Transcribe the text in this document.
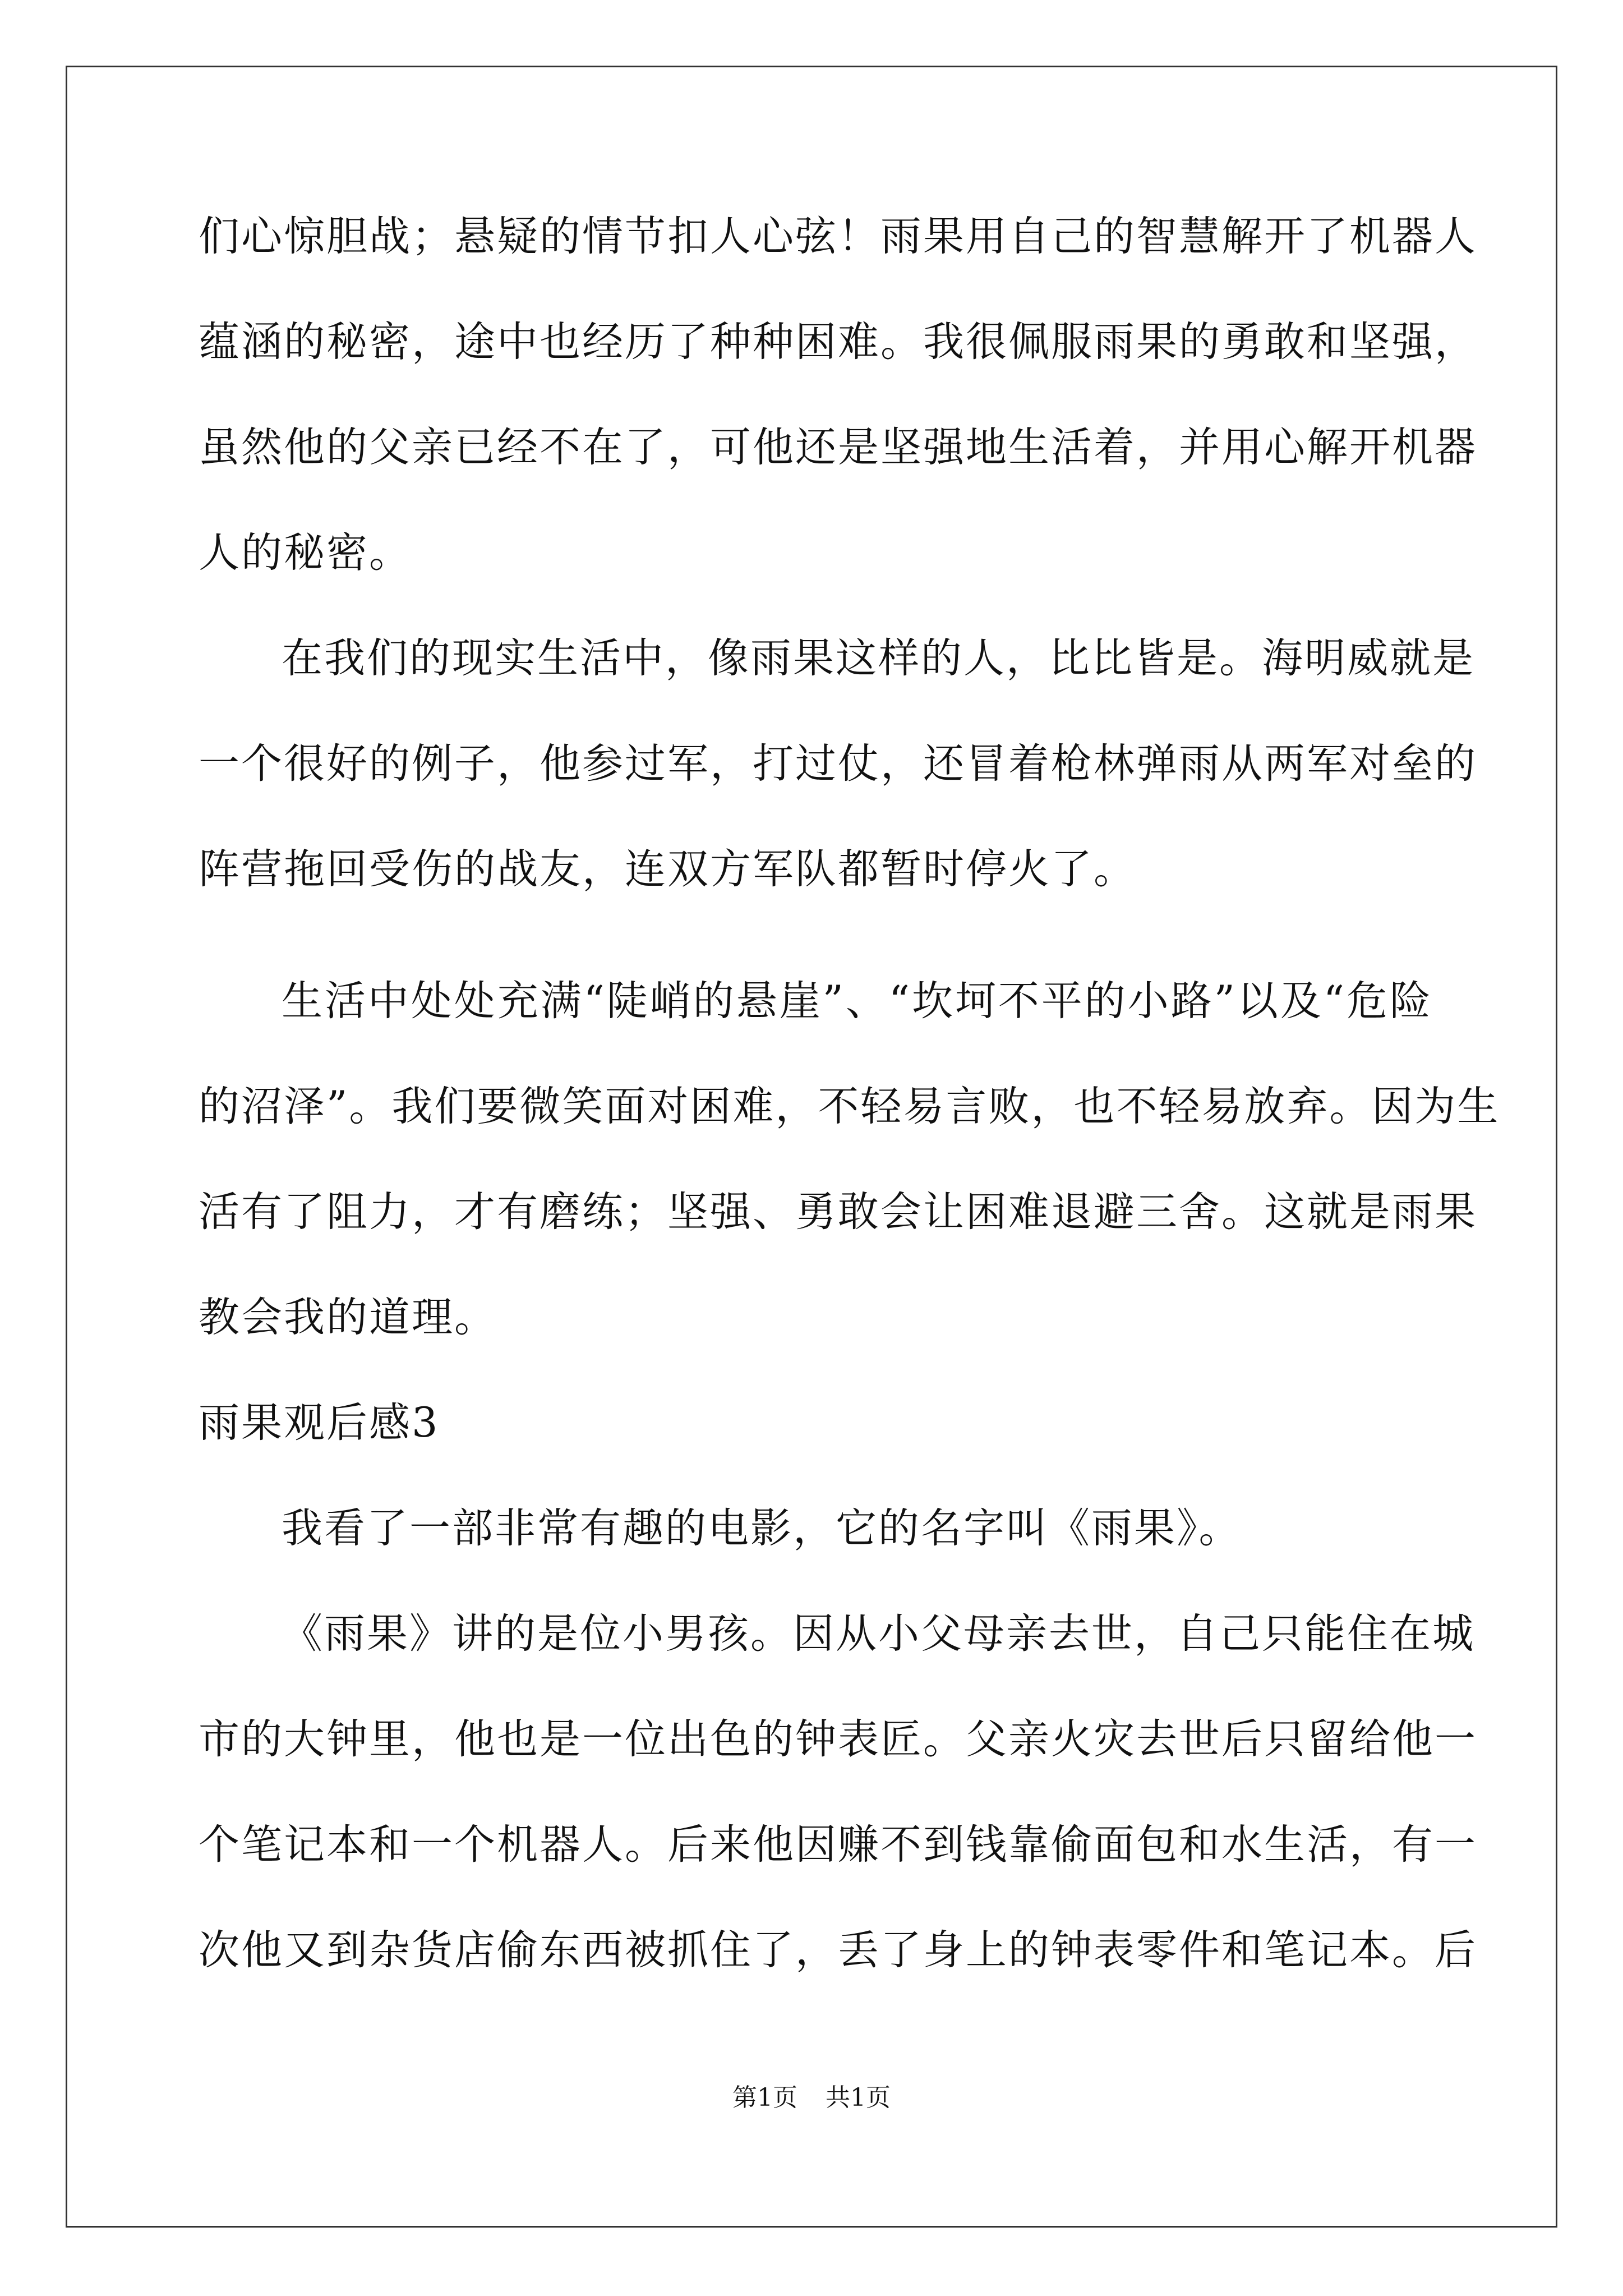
们心惊胆战；悬疑的情节扣人心弦！雨果用自己的智慧解开了机器人
蕴涵的秘密，途中也经历了种种困难。我很佩服雨果的勇敢和坚强，
虽然他的父亲已经不在了，可他还是坚强地生活着，并用心解开机器
人的秘密。
在我们的现实生活中，像雨果这样的人，比比皆是。海明威就是
一个很好的例子，他参过军，打过仗，还冒着枪林弹雨从两军对垒的
阵营拖回受伤的战友，连双方军队都暂时停火了。
生活中处处充满“陡峭的悬崖”、“坎坷不平的小路”以及“危险
的沼泽”。我们要微笑面对困难，不轻易言败，也不轻易放弃。因为生
活有了阻力，才有磨练；坚强、勇敢会让困难退避三舍。这就是雨果
教会我的道理。
雨果观后感3
我看了一部非常有趣的电影，它的名字叫《雨果》。
《雨果》讲的是位小男孩。因从小父母亲去世，自己只能住在城
市的大钟里，他也是一位出色的钟表匠。父亲火灾去世后只留给他一
个笔记本和一个机器人。后来他因赚不到钱靠偷面包和水生活，有一
次他又到杂货店偷东西被抓住了，丢了身上的钟表零件和笔记本。后
第1页 共1页
